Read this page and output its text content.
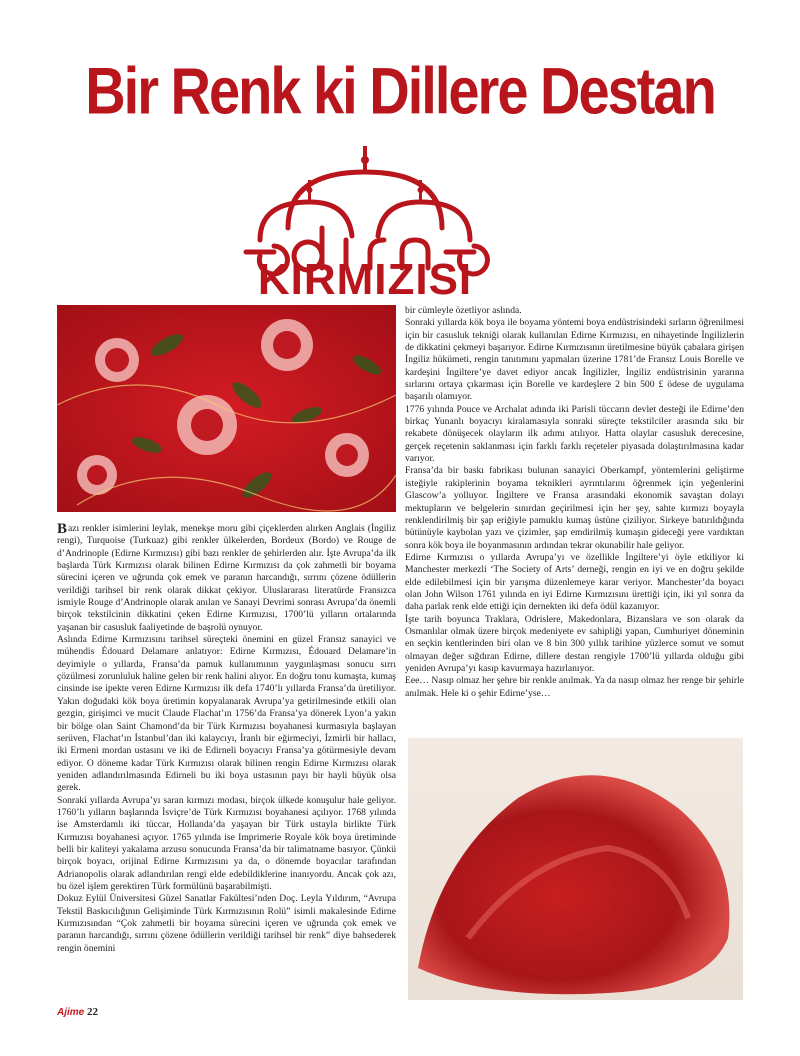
Bir Renk ki Dillere Destan
KIRMIZISI

Bazı renkler isimlerini leylak, menekşe moru gibi çiçeklerden alırken Anglais (İngiliz rengi), Turquoise (Turkuaz) gibi renkler ülkelerden, Bordeux (Bordo) ve Rouge de d’Andrinople (Edirne Kırmızısı) gibi bazı renkler de şehirlerden alır. İşte Avrupa’da ilk başlarda Türk Kırmızısı olarak bilinen Edirne Kırmızısı da çok zahmetli bir boyama sürecini içeren ve uğrunda çok emek ve paranın harcandığı, sırrını çözene ödüllerin verildiği tarihsel bir renk olarak dikkat çekiyor. Uluslararası literatürde Fransızca ismiyle Rouge d’Andrinople olarak anılan ve Sanayi Devrimi sonrası Avrupa’da önemli birçok tekstilcinin dikkatini çeken Edirne Kırmızısı, 1700’lü yılların ortalarında yaşanan bir casusluk faaliyetinde de başrolü oynuyor.

Aslında Edirne Kırmızısını tarihsel süreçteki önemini en güzel Fransız sanayici ve mühendis Édouard Delamare anlatıyor: Edirne Kırmızısı, Édouard Delamare’in deyimiyle o yıllarda, Fransa’da pamuk kullanımının yaygınlaşması sonucu sırrı çözülmesi zorunluluk haline gelen bir renk halini alıyor. En doğru tonu kumaşta, kumaş cinsinde ise ipekte veren Edirne Kırmızısı ilk defa 1740’lı yıllarda Fransa’da üretiliyor. Yakın doğudaki kök boya üretimin kopyalanarak Avrupa’ya getirilmesinde etkili olan gezgin, girişimci ve mucit Claude Flachat’ın 1756’da Fransa’ya dönerek Lyon’a yakın bir bölge olan Saint Chamond’da bir Türk Kırmızısı boyahanesi kurmasıyla başlayan serüven, Flachat’ın İstanbul’dan iki kalaycıyı, İranlı bir eğirmeciyi, İzmirli bir hallacı, iki Ermeni mordan ustasını ve iki de Edirneli boyacıyı Fransa’ya götürmesiyle devam ediyor. O döneme kadar Türk Kırmızısı olarak bilinen rengin Edirne Kırmızısı olarak yeniden adlandırılmasında Edirneli bu iki boya ustasının payı bir hayli büyük olsa gerek.

Sonraki yıllarda Avrupa’yı saran kırmızı modası, birçok ülkede konuşulur hale geliyor. 1760’lı yılların başlarında İsviçre’de Türk Kırmızısı boyahanesi açılıyor. 1768 yılında ise Amsterdamlı iki tüccar, Hollanda’da yaşayan bir Türk ustayla birlikte Türk Kırmızısı boyahanesi açıyor. 1765 yılında ise Imprimerie Royale kök boya üretiminde belli bir kaliteyi yakalama arzusu sonucunda Fransa’da bir talimatname basıyor. Çünkü birçok boyacı, orijinal Edirne Kırmızısını ya da, o dönemde boyacılar tarafından Adrianopolis olarak adlandırılan rengi elde edebildiklerine inanıyordu. Ancak çok azı, bu özel işlem gerektiren Türk formülünü başarabilmişti.

Dokuz Eylül Üniversitesi Güzel Sanatlar Fakültesi’nden Doç. Leyla Yıldırım, “Avrupa Tekstil Baskıcılığının Gelişiminde Türk Kırmızısının Rolü” isimli makalesinde Edirne Kırmızısından “Çok zahmetli bir boyama sürecini içeren ve uğrunda çok emek ve paranın harcandığı, sırrını çözene ödüllerin verildiği tarihsel bir renk” diye bahsederek rengin önemini

bir cümleyle özetliyor aslında.

Sonraki yıllarda kök boya ile boyama yöntemi boya endüstrisindeki sırların öğrenilmesi için bir casusluk tekniği olarak kullanılan Edirne Kırmızısı, en nihayetinde İngilizlerin de dikkatini çekmeyi başarıyor. Edirne Kırmızısının üretilmesine büyük çabalara girişen İngiliz hükümeti, rengin tanıtımını yapmaları üzerine 1781’de Fransız Louis Borelle ve kardeşini İngiltere’ye davet ediyor ancak İngilizler, İngiliz endüstrisinin yararına sırlarını ortaya çıkarması için Borelle ve kardeşlere 2 bin 500 £ ödese de uygulama başarılı olamıyor.

1776 yılında Pouce ve Archalat adında iki Parisli tüccarın devlet desteği ile Edirne’den birkaç Yunanlı boyacıyı kiralamasıyla sonraki süreçte tekstilciler arasında sıkı bir rekabete dönüşecek olayların ilk adımı atılıyor. Hatta olaylar casusluk derecesine, gerçek reçetenin saklanması için farklı farklı reçeteler piyasada dolaştırılmasına kadar varıyor.

Fransa’da bir baskı fabrikası bulunan sanayici Oberkampf, yöntemlerini geliştirme isteğiyle rakiplerinin boyama teknikleri ayrıntılarını öğrenmek için yeğenlerini Glascow’a yolluyor. İngiltere ve Fransa arasındaki ekonomik savaştan dolayı mektupların ve belgelerin sınırdan geçirilmesi için her şey, sahte kırmızı boyayla renklendirilmiş bir şap eriğiyle pamuklu kumaş üstüne çiziliyor. Sirkeye batırıldığında bütünüyle kaybolan yazı ve çizimler, şap emdirilmiş kumaşın gideceği yere vardıktan sonra kök boya ile boyanmasının ardından tekrar okunabilir hale geliyor.

Edirne Kırmızısı o yıllarda Avrupa’yı ve özellikle İngiltere’yi öyle etkiliyor ki Manchester merkezli ‘The Society of Arts’ derneği, rengin en iyi ve en doğru şekilde elde edilebilmesi için bir yarışma düzenlemeye karar veriyor. Manchester’da boyacı olan John Wilson 1761 yılında en iyi Edirne Kırmızısını ürettiği için, iki yıl sonra da daha parlak renk elde ettiği için dernekten iki defa ödül kazanıyor.

İşte tarih boyunca Traklara, Odrislere, Makedonlara, Bizanslara ve son olarak da Osmanlılar olmak üzere birçok medeniyete ev sahipliği yapan, Cumhuriyet döneminin en seçkin kentlerinden biri olan ve 8 bin 300 yıllık tarihine yüzlerce somut ve somut olmayan değer sığdıran Edirne, dillere destan rengiyle 1700’lü yıllarda olduğu gibi yeniden Avrupa’yı kasıp kavurmaya hazırlanıyor.

Eee… Nasıp olmaz her şehre bir renkle anılmak. Ya da nasıp olmaz her renge bir şehirle anılmak. Hele ki o şehir Edirne’yse…

Ajime 22
